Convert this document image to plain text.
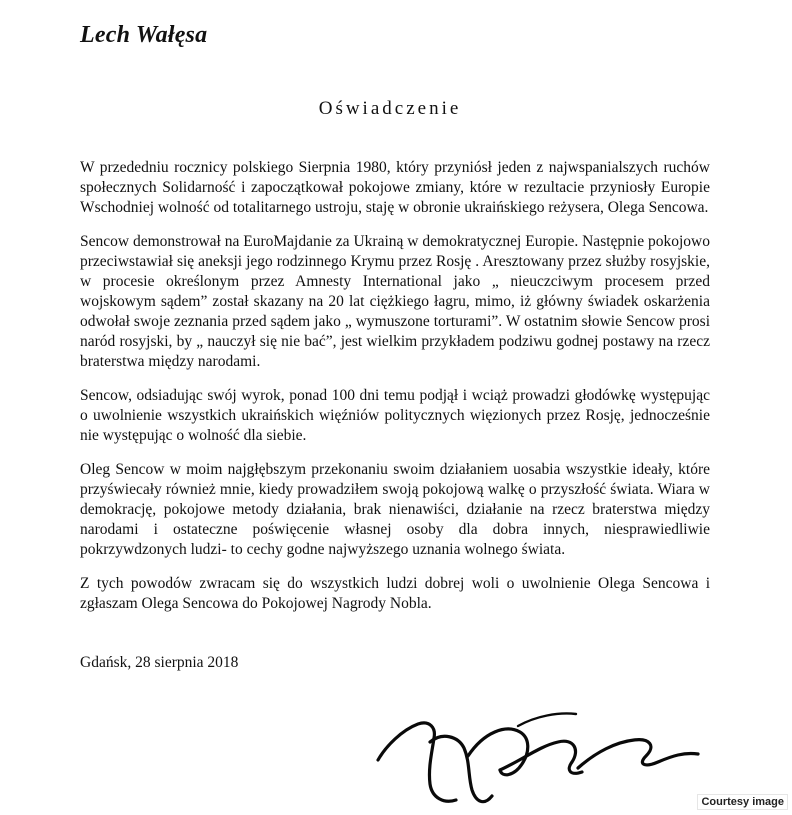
Lech Wałęsa
Oświadczenie

W przededniu rocznicy polskiego Sierpnia 1980, który przyniósł jeden z najwspanialszych ruchów społecznych Solidarność i zapoczątkował pokojowe zmiany, które w rezultacie przyniosły Europie Wschodniej wolność od totalitarnego ustroju, staję w obronie ukraińskiego reżysera, Olega Sencowa.

Sencow demonstrował na EuroMajdanie za Ukrainą w demokratycznej Europie. Następnie pokojowo przeciwstawiał się aneksji jego rodzinnego Krymu przez Rosję . Aresztowany przez służby rosyjskie, w procesie określonym przez Amnesty International jako „ nieuczciwym procesem przed wojskowym sądem” został skazany na 20 lat ciężkiego łagru, mimo, iż główny świadek oskarżenia odwołał swoje zeznania przed sądem jako „ wymuszone torturami”. W ostatnim słowie Sencow prosi naród rosyjski, by „ nauczył się nie bać”, jest wielkim przykładem podziwu godnej postawy na rzecz braterstwa między narodami.

Sencow, odsiadując swój wyrok, ponad 100 dni temu podjął i wciąż prowadzi głodówkę występując o uwolnienie wszystkich ukraińskich więźniów politycznych więzionych przez Rosję, jednocześnie nie występując o wolność dla siebie.

Oleg Sencow w moim najgłębszym przekonaniu swoim działaniem uosabia wszystkie ideały, które przyświecały również mnie, kiedy prowadziłem swoją pokojową walkę o przyszłość świata. Wiara w demokrację, pokojowe metody działania, brak nienawiści, działanie na rzecz braterstwa między narodami i ostateczne poświęcenie własnej osoby dla dobra innych, niesprawiedliwie pokrzywdzonych ludzi- to cechy godne najwyższego uznania wolnego świata.

Z tych powodów zwracam się do wszystkich ludzi dobrej woli o uwolnienie Olega Sencowa i zgłaszam Olega Sencowa do Pokojowej Nagrody Nobla.

Gdańsk, 28 sierpnia 2018
Courtesy image
